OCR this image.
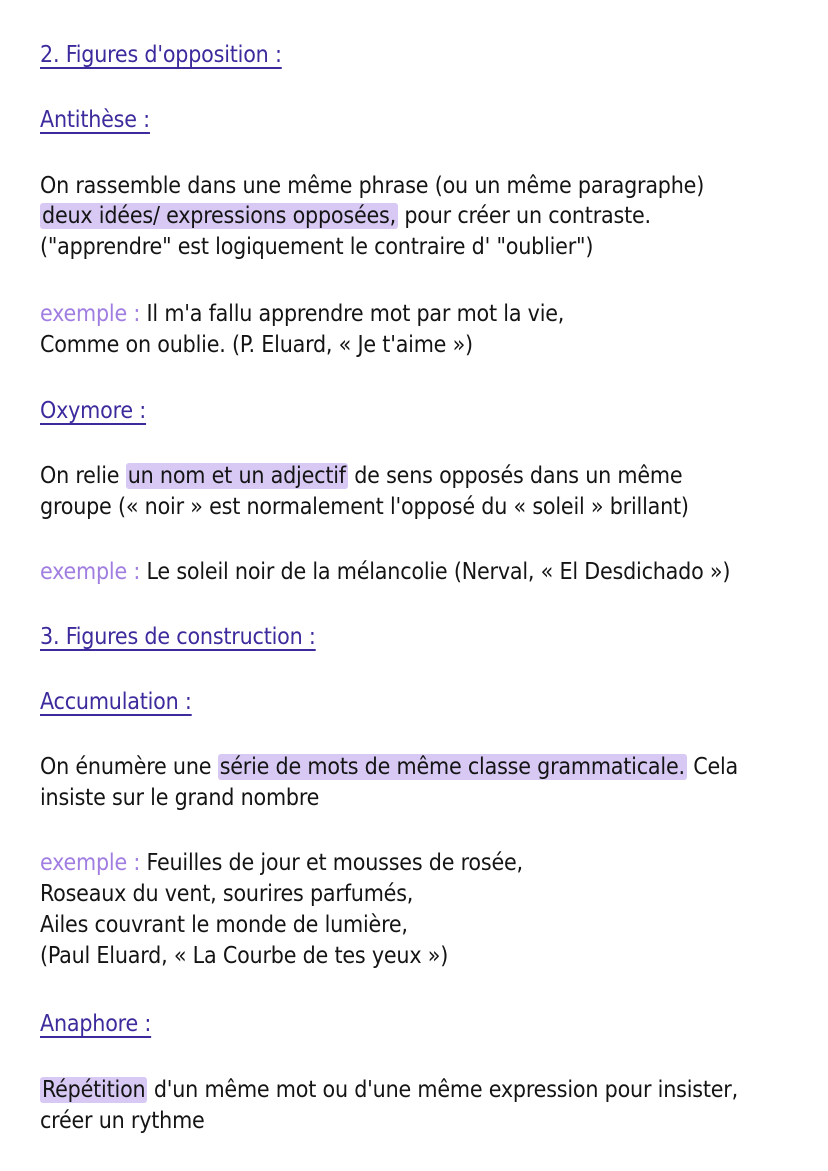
2. Figures d'opposition :
Antithèse :
On rassemble dans une même phrase (ou un même paragraphe)
deux idées/ expressions opposées, pour créer un contraste.
("apprendre" est logiquement le contraire d' "oublier")
exemple : Il m'a fallu apprendre mot par mot la vie,
Comme on oublie. (P. Eluard, « Je t'aime »)
Oxymore :
On relie un nom et un adjectif de sens opposés dans un même
groupe (« noir » est normalement l'opposé du « soleil » brillant)
exemple : Le soleil noir de la mélancolie (Nerval, « El Desdichado »)
3. Figures de construction :
Accumulation :
On énumère une série de mots de même classe grammaticale. Cela
insiste sur le grand nombre
exemple : Feuilles de jour et mousses de rosée,
Roseaux du vent, sourires parfumés,
Ailes couvrant le monde de lumière,
(Paul Eluard, « La Courbe de tes yeux »)
Anaphore :
Répétition d'un même mot ou d'une même expression pour insister,
créer un rythme
